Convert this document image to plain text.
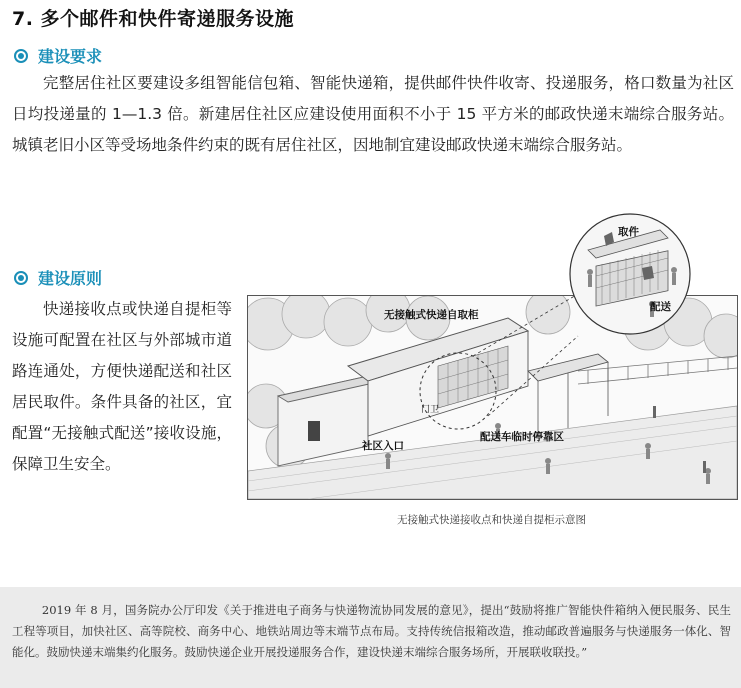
7. 多个邮件和快件寄递服务设施
建设要求
完整居住社区要建设多组智能信包箱、智能快递箱，提供邮件快件收寄、投递服务，格口数量为社区日均投递量的 1—1.3 倍。新建居住社区应建设使用面积不小于 15 平方米的邮政快递末端综合服务站。城镇老旧小区等受场地条件约束的既有居住社区，因地制宜建设邮政快递末端综合服务站。
建设原则
快递接收点或快递自提柜等设施可配置在社区与外部城市道路连通处，方便快递配送和社区居民取件。条件具备的社区，宜配置“无接触式配送”接收设施，保障卫生安全。
无接触式快递自取柜
门卫
配送车临时停靠区
社区入口
取件
配送
无接触式快递接收点和快递自提柜示意图
2019 年 8 月，国务院办公厅印发《关于推进电子商务与快递物流协同发展的意见》，提出“鼓励将推广智能快件箱纳入便民服务、民生工程等项目，加快社区、高等院校、商务中心、地铁站周边等末端节点布局。支持传统信报箱改造，推动邮政普遍服务与快递服务一体化、智能化。鼓励快递末端集约化服务。鼓励快递企业开展投递服务合作，建设快递末端综合服务场所，开展联收联投。”
